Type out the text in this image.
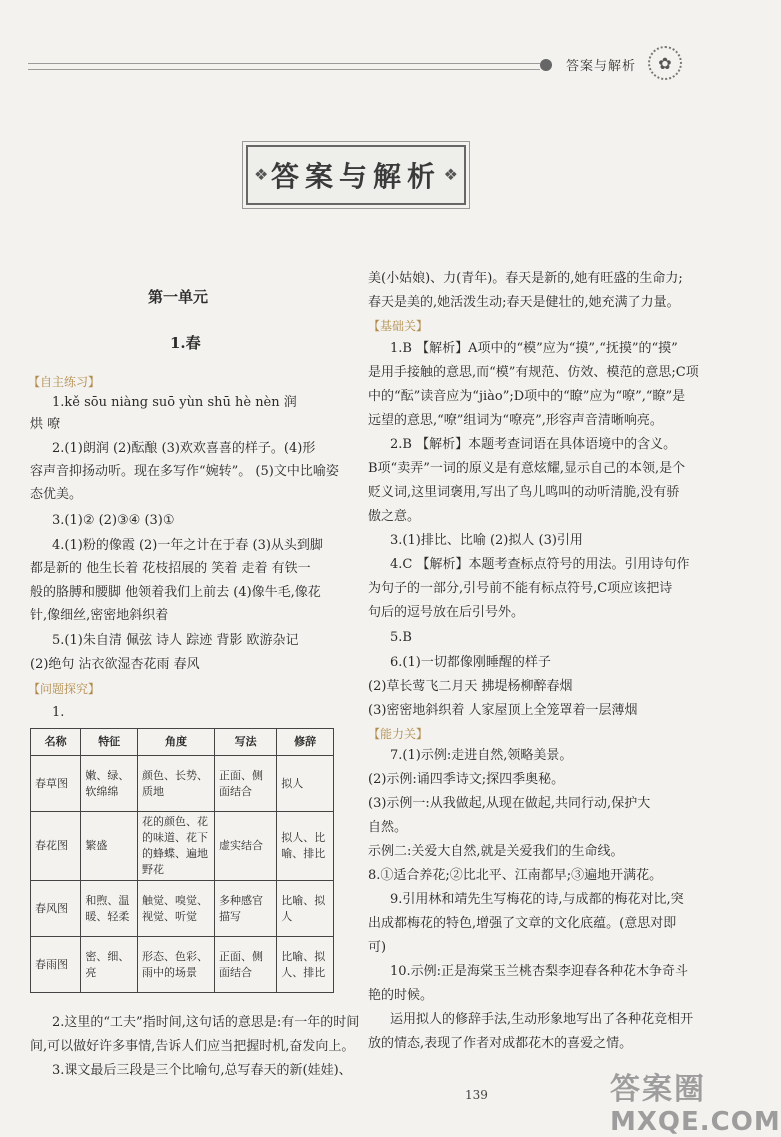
答案与解析	✿
❖ 答案与解析 ❖
第一单元
1.春
【自主练习】
1.kě sōu niàng suō yùn shū hè nèn 润
烘 嘹
2.(1)朗润 (2)酝酿 (3)欢欢喜喜的样子。(4)形
容声音抑扬动听。现在多写作“婉转”。 (5)文中比喻姿
态优美。
3.(1)② (2)③④ (3)①
4.(1)粉的像霞 (2)一年之计在于春 (3)从头到脚
都是新的 他生长着 花枝招展的 笑着 走着 有铁一
般的胳膊和腰脚 他领着我们上前去 (4)像牛毛,像花
针,像细丝,密密地斜织着
5.(1)朱自清 佩弦 诗人 踪迹 背影 欧游杂记
(2)绝句 沾衣欲湿杏花雨 春风
【问题探究】
1.
名称	特征	角度	写法	修辞
春草图	嫩、绿、软绵绵	颜色、长势、质地	正面、侧面结合	拟人
春花图	繁盛	花的颜色、花的味道、花下的蜂蝶、遍地野花	虚实结合	拟人、比喻、排比
春风图	和煦、温暖、轻柔	触觉、嗅觉、视觉、听觉	多种感官描写	比喻、拟人
春雨图	密、细、亮	形态、色彩、雨中的场景	正面、侧面结合	比喻、拟人、排比
2.这里的“工夫”指时间,这句话的意思是:有一年的时间
间,可以做好许多事情,告诉人们应当把握时机,奋发向上。
3.课文最后三段是三个比喻句,总写春天的新(娃娃)、
美(小姑娘)、力(青年)。春天是新的,她有旺盛的生命力;
春天是美的,她活泼生动;春天是健壮的,她充满了力量。
【基础关】
1.B 【解析】A项中的“模”应为“摸”,“抚摸”的“摸”
是用手接触的意思,而“模”有规范、仿效、模范的意思;C项
中的“酝”读音应为“jiào”;D项中的“瞭”应为“嘹”,“瞭”是
远望的意思,“嘹”组词为“嘹亮”,形容声音清晰响亮。
2.B 【解析】本题考查词语在具体语境中的含义。
B项“卖弄”一词的原义是有意炫耀,显示自己的本领,是个
贬义词,这里词褒用,写出了鸟儿鸣叫的动听清脆,没有骄
傲之意。
3.(1)排比、比喻 (2)拟人 (3)引用
4.C 【解析】本题考查标点符号的用法。引用诗句作
为句子的一部分,引号前不能有标点符号,C项应该把诗
句后的逗号放在后引号外。
5.B
6.(1)一切都像刚睡醒的样子
(2)草长莺飞二月天 拂堤杨柳醉春烟
(3)密密地斜织着 人家屋顶上全笼罩着一层薄烟
【能力关】
7.(1)示例:走进自然,领略美景。
(2)示例:诵四季诗文;探四季奥秘。
(3)示例一:从我做起,从现在做起,共同行动,保护大
自然。
示例二:关爱大自然,就是关爱我们的生命线。
8.①适合养花;②比北平、江南都早;③遍地开满花。
9.引用林和靖先生写梅花的诗,与成都的梅花对比,突
出成都梅花的特色,增强了文章的文化底蕴。(意思对即
可)
10.示例:正是海棠玉兰桃杏梨李迎春各种花木争奇斗
艳的时候。
运用拟人的修辞手法,生动形象地写出了各种花竞相开
放的情态,表现了作者对成都花木的喜爱之情。
139	答案圈
MXQE.COM
